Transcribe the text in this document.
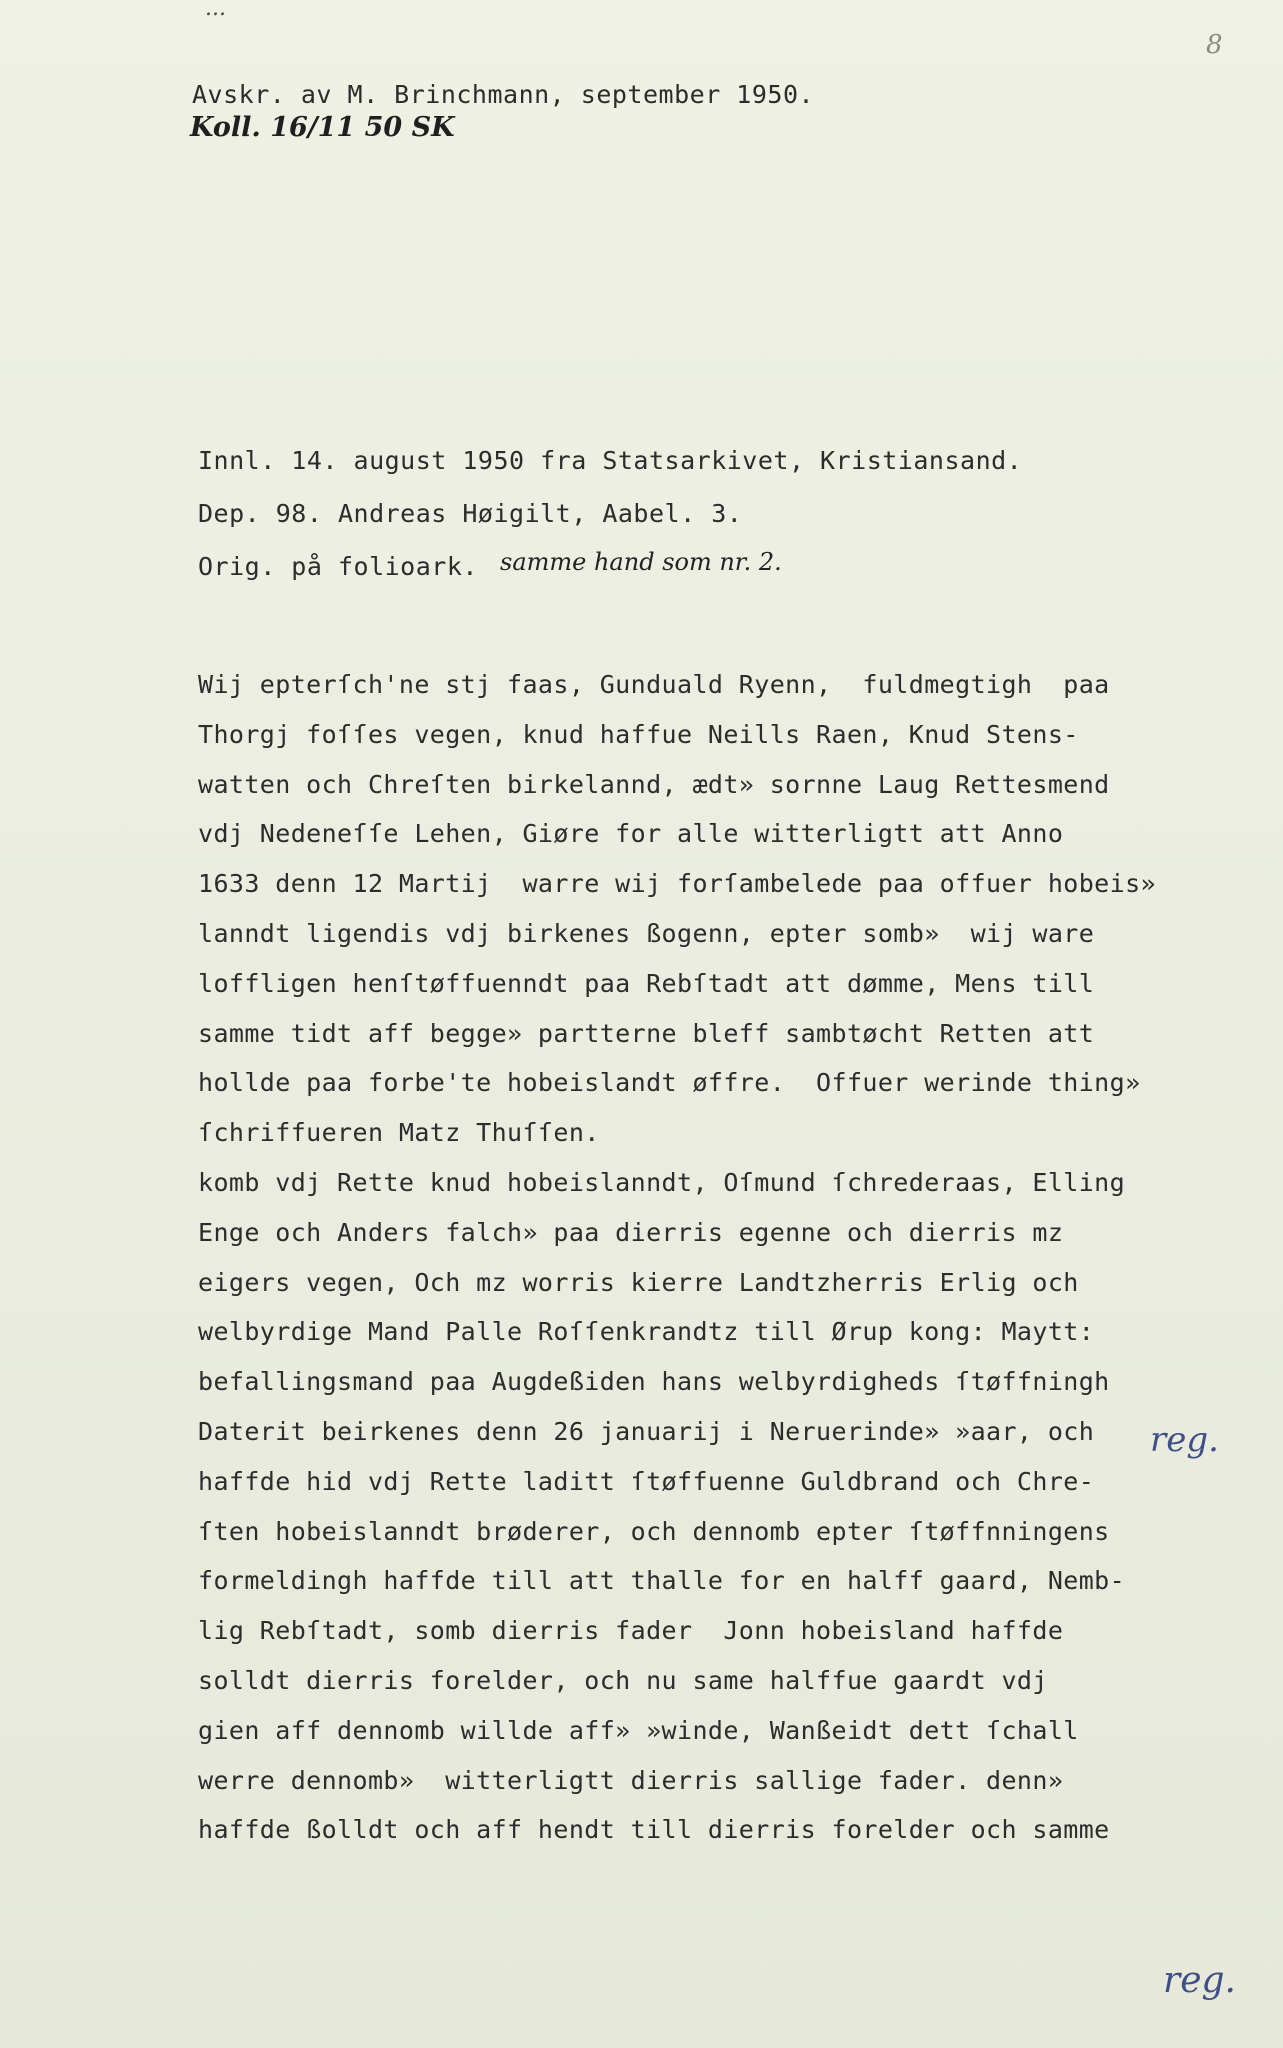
...
8
Avskr. av M. Brinchmann, september 1950.
Koll. 16/11 50 SK
Innl. 14. august 1950 fra Statsarkivet, Kristiansand.
Dep. 98. Andreas Høigilt, Aabel. 3.
Orig. på folioark. samme hand som nr. 2.
Wij epterſch'ne stj faas, Gunduald Ryenn,  fuldmegtigh  paa
Thorgj foſſes vegen, knud haffue Neills Raen, Knud Stens-
watten och Chreſten birkelannd, ædt» sornne Laug Rettesmend
vdj Nedeneſſe Lehen, Giøre for alle witterligtt att Anno
1633 denn 12 Martij  warre wij forſambelede paa offuer hobeis»
lanndt ligendis vdj birkenes ßogenn, epter somb»  wij ware
loffligen henſtøffuenndt paa Rebſtadt att dømme, Mens till
samme tidt aff begge» partterne bleff sambtøcht Retten att
hollde paa forbe'te hobeislandt øffre.  Offuer werinde thing»
ſchriffueren Matz Thuſſen.
komb vdj Rette knud hobeislanndt, Oſmund ſchrederaas, Elling
Enge och Anders falch» paa dierris egenne och dierris mz
eigers vegen, Och mz worris kierre Landtzherris Erlig och
welbyrdige Mand Palle Roſſenkrandtz till Ørup kong: Maytt:
befallingsmand paa Augdeßiden hans welbyrdigheds ſtøffningh
Daterit beirkenes denn 26 januarij i Neruerinde» »aar, och
haffde hid vdj Rette laditt ſtøffuenne Guldbrand och Chre-
ſten hobeislanndt brøderer, och dennomb epter ſtøffnningens
formeldingh haffde till att thalle for en halff gaard, Nemb-
lig Rebſtadt, somb dierris fader  Jonn hobeisland haffde
solldt dierris forelder, och nu same halffue gaardt vdj
gien aff dennomb willde aff» »winde, Wanßeidt dett ſchall
werre dennomb»  witterligtt dierris sallige fader. denn»
haffde ßolldt och aff hendt till dierris forelder och samme
reg.
reg.
